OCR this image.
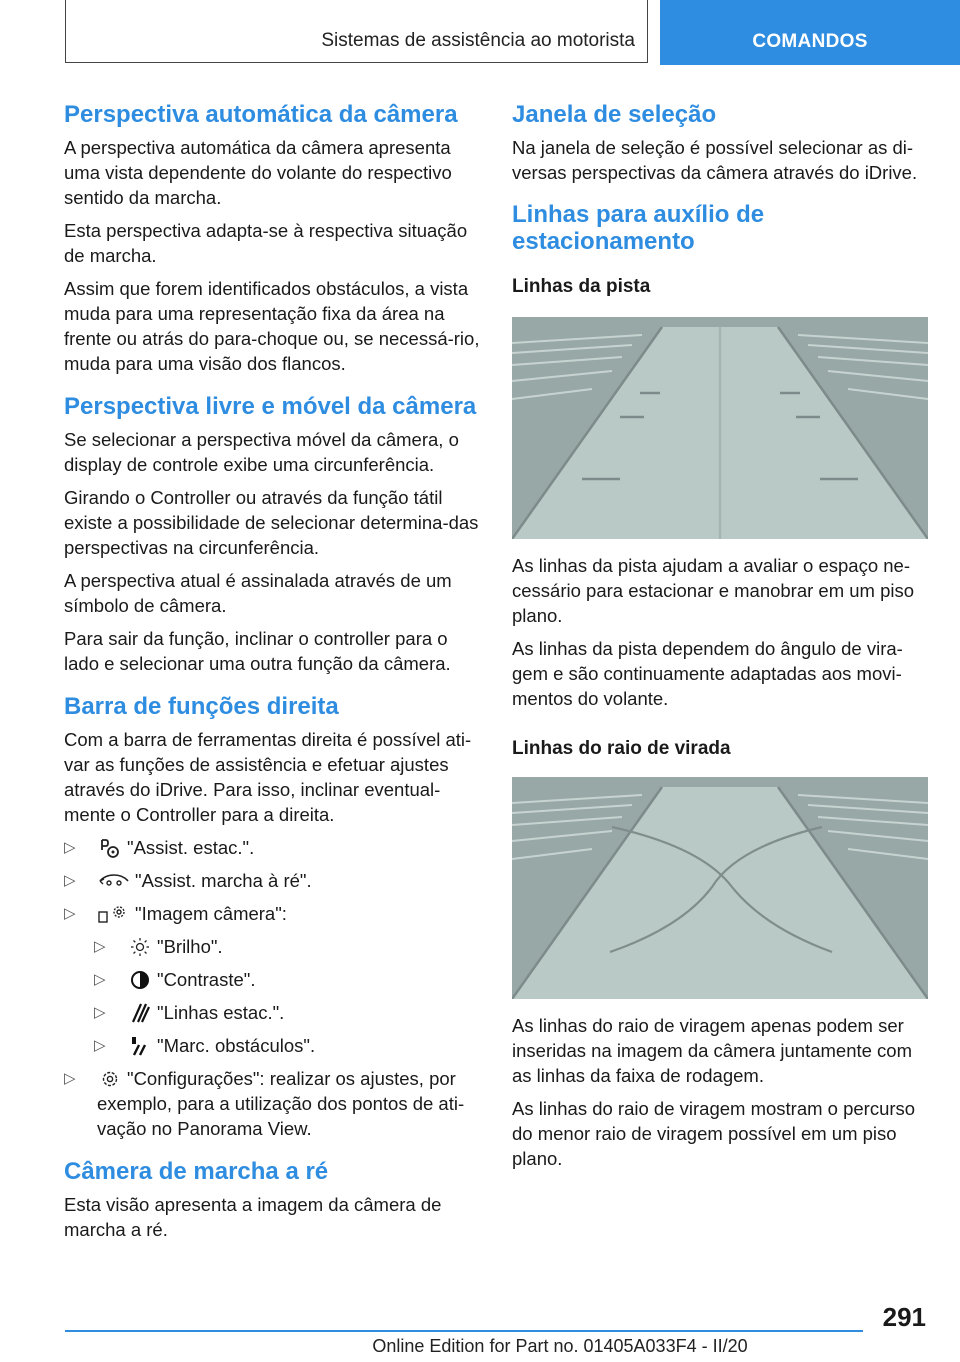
Sistemas de assistência ao motorista	COMANDOS
Perspectiva automática da câmera

A perspectiva automática da câmera apresenta uma vista dependente do volante do respectivo sentido da marcha.

Esta perspectiva adapta-se à respectiva situação de marcha.

Assim que forem identificados obstáculos, a vista muda para uma representação fixa da área na frente ou atrás do para-choque ou, se necessá-rio, muda para uma visão dos flancos.

Perspectiva livre e móvel da câmera

Se selecionar a perspectiva móvel da câmera, o display de controle exibe uma circunferência.

Girando o Controller ou através da função tátil existe a possibilidade de selecionar determina-das perspectivas na circunferência.

A perspectiva atual é assinalada através de um símbolo de câmera.

Para sair da função, inclinar o controller para o lado e selecionar uma outra função da câmera.

Barra de funções direita

Com a barra de ferramentas direita é possível ati-var as funções de assistência e efetuar ajustes através do iDrive. Para isso, inclinar eventual-mente o Controller para a direita.

▷	"Assist. estac.".
▷	"Assist. marcha à ré".
▷	"Imagem câmera":
▷	"Brilho".
▷	"Contraste".
▷	"Linhas estac.".
▷	"Marc. obstáculos".
▷	"Configurações": realizar os ajustes, por exemplo, para a utilização dos pontos de ati-vação no Panorama View.
Câmera de marcha a ré

Esta visão apresenta a imagem da câmera de marcha a ré.

Janela de seleção

Na janela de seleção é possível selecionar as di-versas perspectivas da câmera através do iDrive.

Linhas para auxílio de estacionamento
Linhas da pista

As linhas da pista ajudam a avaliar o espaço ne-cessário para estacionar e manobrar em um piso plano.

As linhas da pista dependem do ângulo de vira-gem e são continuamente adaptadas aos movi-mentos do volante.

Linhas do raio de virada

As linhas do raio de viragem apenas podem ser inseridas na imagem da câmera juntamente com as linhas da faixa de rodagem.

As linhas do raio de viragem mostram o percurso do menor raio de viragem possível em um piso plano.

291
Online Edition for Part no. 01405A033F4 - II/20
